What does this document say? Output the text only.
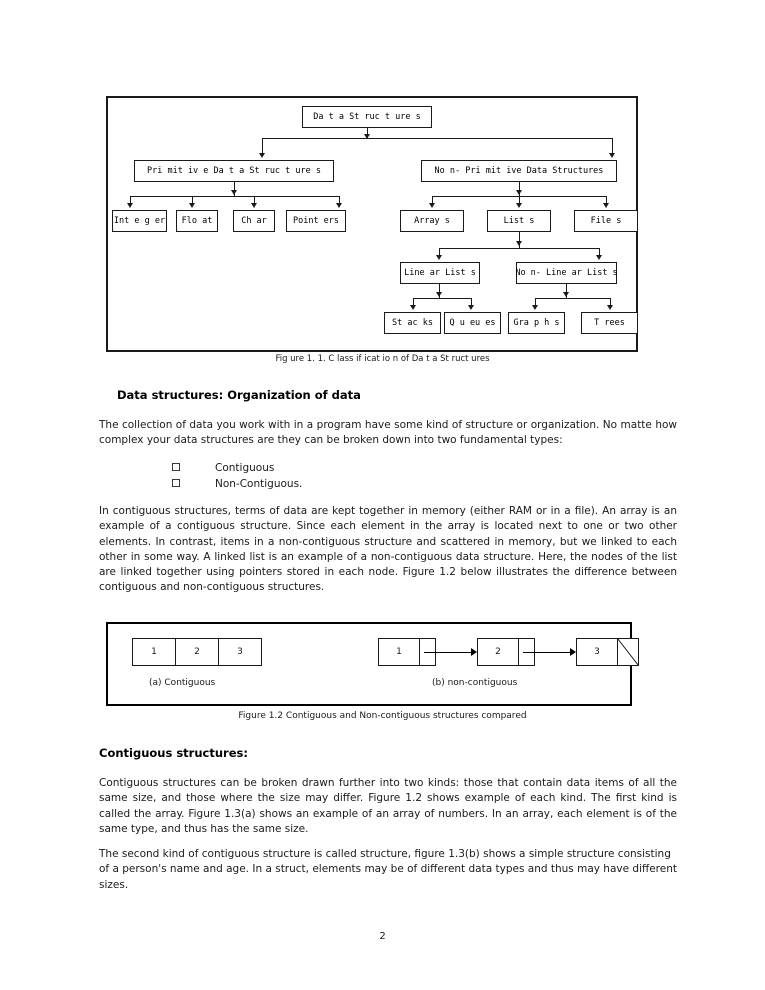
Da t a St ruc t ure s
Pri mit iv e Da t a St ruc t ure s	No n- Pri mit ive Data Structures
Int e g er Flo at	Ch ar	Point ers	Array s	List s	File s
Line ar List s	No n- Line ar List s
St ac ks Q u eu es Gra p h s	T rees
Fig ure 1. 1. C lass if icat io n of Da t a St ruct ures
Data structures: Organization of data

The collection of data you work with in a program have some kind of structure or organization. No matte how complex your data structures are they can be broken down into two fundamental types:

Contiguous
Non-Contiguous.

In contiguous structures, terms of data are kept together in memory (either RAM or in a file). An array is an example of a contiguous structure. Since each element in the array is located next to one or two other elements. In contrast, items in a non-contiguous structure and scattered in memory, but we linked to each other in some way. A linked list is an example of a non-contiguous data structure. Here, the nodes of the list are linked together using pointers stored in each node. Figure 1.2 below illustrates the difference between contiguous and non-contiguous structures.

1	2	3
(a) Contiguous
1	2	3
(b) non-contiguous
Figure 1.2 Contiguous and Non-contiguous structures compared
Contiguous structures:

Contiguous structures can be broken drawn further into two kinds: those that contain data items of all the same size, and those where the size may differ. Figure 1.2 shows example of each kind. The first kind is called the array. Figure 1.3(a) shows an example of an array of numbers. In an array, each element is of the same type, and thus has the same size.

The second kind of contiguous structure is called structure, figure 1.3(b) shows a simple structure consisting of a person's name and age. In a struct, elements may be of different data types and thus may have different sizes.

2
